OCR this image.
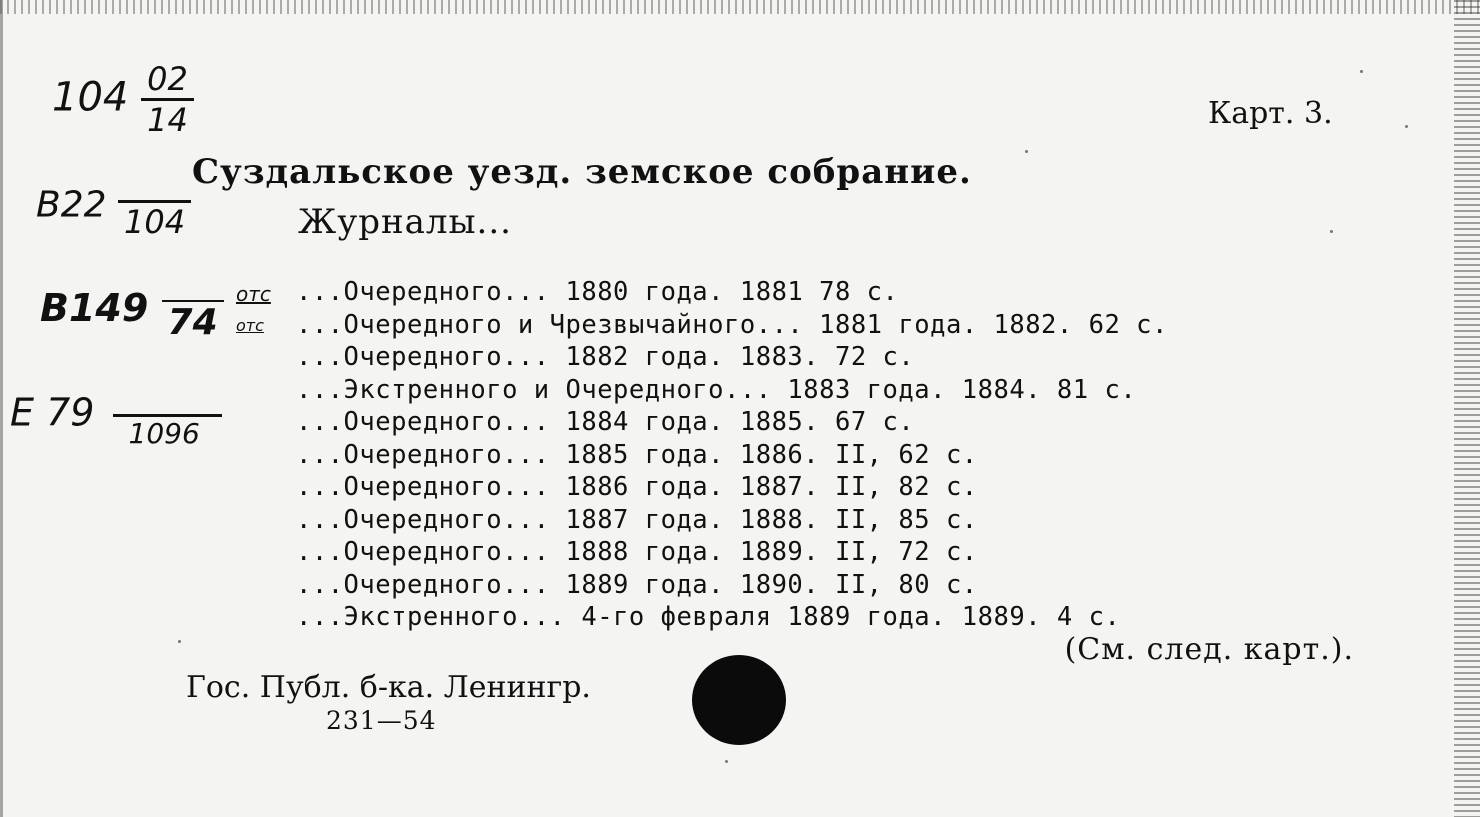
$104 \frac{02}{14}$
B22 104
B149 74
E 79	1096
Карт. 3.
Суздальское уезд. земское собрание.
Журналы...
отс
отс
...Очередного... 1880 года. 1881 78 с.
...Очередного и Чрезвычайного... 1881 года. 1882. 62 с.
...Очередного... 1882 года. 1883. 72 с.
...Экстренного и Очередного... 1883 года. 1884. 81 с.
...Очередного... 1884 года. 1885. 67 с.
...Очередного... 1885 года. 1886. II, 62 с.
...Очередного... 1886 года. 1887. II, 82 с.
...Очередного... 1887 года. 1888. II, 85 с.
...Очередного... 1888 года. 1889. II, 72 с.
...Очередного... 1889 года. 1890. II, 80 с.
...Экстренного... 4-го февраля 1889 года. 1889. 4 с.
(См. след. карт.).
Гос. Публ. б-ка. Ленингр.
231—54
